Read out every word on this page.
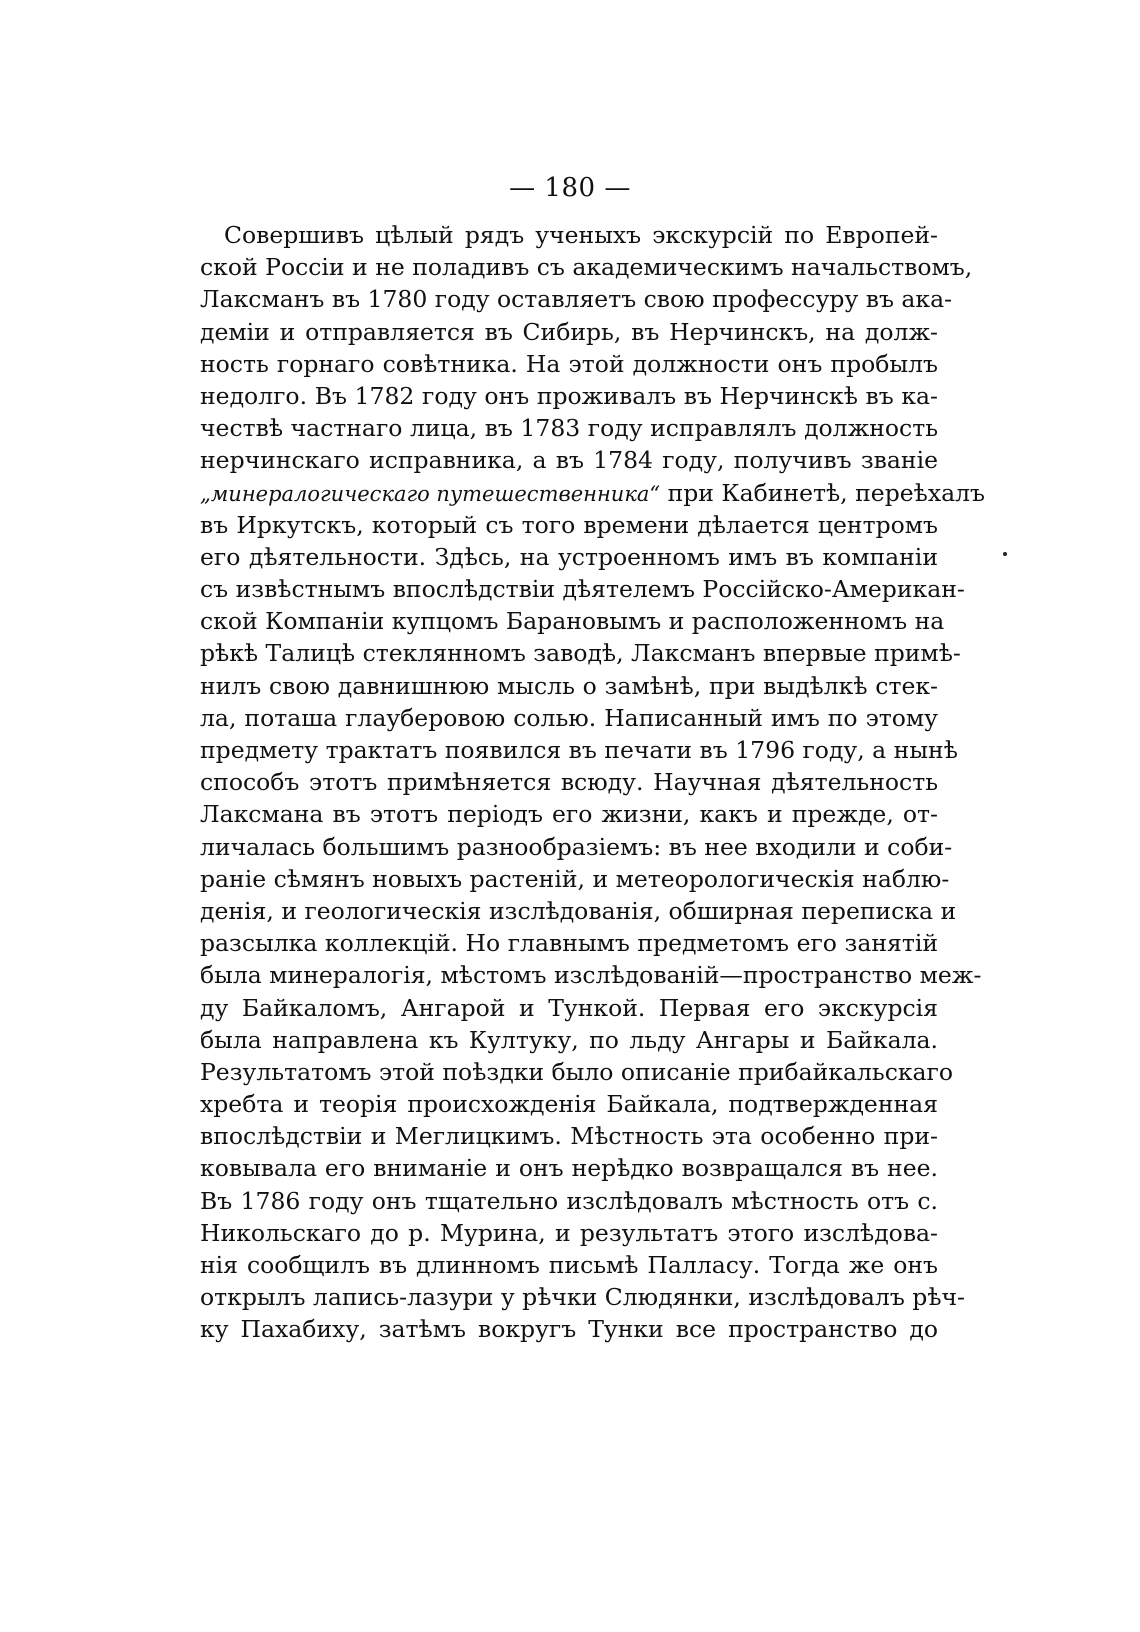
— 180 —
Совершивъ цѣлый рядъ ученыхъ экскурсій по Европей-
ской Россіи и не поладивъ съ академическимъ начальствомъ,
Лаксманъ въ 1780 году оставляетъ свою профессуру въ ака-
деміи и отправляется въ Сибирь, въ Нерчинскъ, на долж-
ность горнаго совѣтника. На этой должности онъ пробылъ
недолго. Въ 1782 году онъ проживалъ въ Нерчинскѣ въ ка-
чествѣ частнаго лица, въ 1783 году исправлялъ должность
нерчинскаго исправника, а въ 1784 году, получивъ званіе
„минералогическаго путешественника“ при Кабинетѣ, переѣхалъ
въ Иркутскъ, который съ того времени дѣлается центромъ
его дѣятельности. Здѣсь, на устроенномъ имъ въ компаніи
съ извѣстнымъ впослѣдствіи дѣятелемъ Россійско-Американ-
ской Компаніи купцомъ Барановымъ и расположенномъ на
рѣкѣ Талицѣ стеклянномъ заводѣ, Лаксманъ впервые примѣ-
нилъ свою давнишнюю мысль о замѣнѣ, при выдѣлкѣ стек-
ла, поташа глауберовою солью. Написанный имъ по этому
предмету трактатъ появился въ печати въ 1796 году, а нынѣ
способъ этотъ примѣняется всюду. Научная дѣятельность
Лаксмана въ этотъ періодъ его жизни, какъ и прежде, от-
личалась большимъ разнообразіемъ: въ нее входили и соби-
раніе сѣмянъ новыхъ растеній, и метеорологическія наблю-
денія, и геологическія изслѣдованія, обширная переписка и
разсылка коллекцій. Но главнымъ предметомъ его занятій
была минералогія, мѣстомъ изслѣдованій—пространство меж-
ду Байкаломъ, Ангарой и Тункой. Первая его экскурсія
была направлена къ Култуку, по льду Ангары и Байкала.
Результатомъ этой поѣздки было описаніе прибайкальскаго
хребта и теорія происхожденія Байкала, подтвержденная
впослѣдствіи и Меглицкимъ. Мѣстность эта особенно при-
ковывала его вниманіе и онъ нерѣдко возвращался въ нее.
Въ 1786 году онъ тщательно изслѣдовалъ мѣстность отъ с.
Никольскаго до р. Мурина, и результатъ этого изслѣдова-
нія сообщилъ въ длинномъ письмѣ Палласу. Тогда же онъ
открылъ лапись-лазури у рѣчки Слюдянки, изслѣдовалъ рѣч-
ку Пахабиху, затѣмъ вокругъ Тунки все пространство до
